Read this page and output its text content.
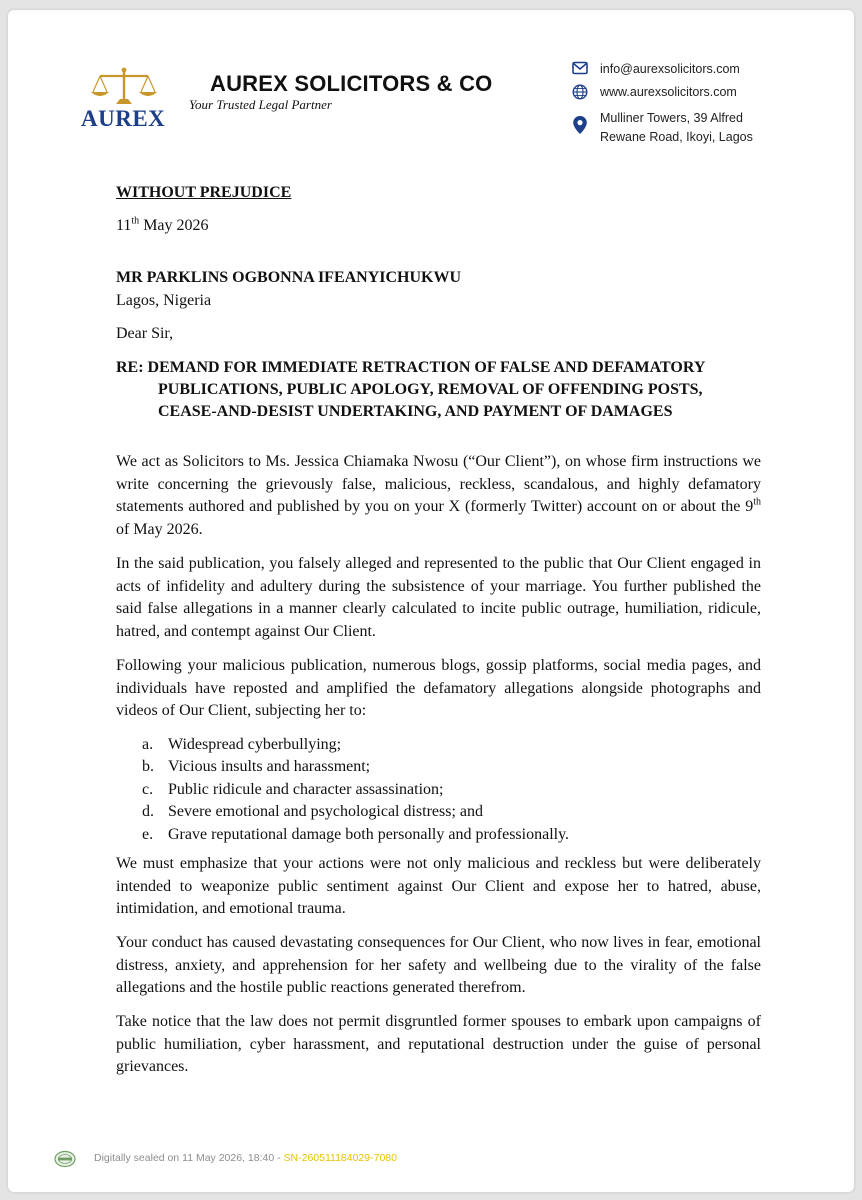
AUREX
AUREX SOLICITORS & CO
Your Trusted Legal Partner
info@aurexsolicitors.com
www.aurexsolicitors.com
Mulliner Towers, 39 Alfred
Rewane Road, Ikoyi, Lagos
WITHOUT PREJUDICE
11th May 2026
MR PARKLINS OGBONNA IFEANYICHUKWU
Lagos, Nigeria
Dear Sir,
RE: DEMAND FOR IMMEDIATE RETRACTION OF FALSE AND DEFAMATORY
PUBLICATIONS, PUBLIC APOLOGY, REMOVAL OF OFFENDING POSTS,
CEASE-AND-DESIST UNDERTAKING, AND PAYMENT OF DAMAGES
We act as Solicitors to Ms. Jessica Chiamaka Nwosu (“Our Client”), on whose firm instructions we write concerning the grievously false, malicious, reckless, scandalous, and highly defamatory statements authored and published by you on your X (formerly Twitter) account on or about the 9th of May 2026.
In the said publication, you falsely alleged and represented to the public that Our Client engaged in acts of infidelity and adultery during the subsistence of your marriage. You further published the said false allegations in a manner clearly calculated to incite public outrage, humiliation, ridicule, hatred, and contempt against Our Client.
Following your malicious publication, numerous blogs, gossip platforms, social media pages, and individuals have reposted and amplified the defamatory allegations alongside photographs and videos of Our Client, subjecting her to:
a. Widespread cyberbullying;
b. Vicious insults and harassment;
c. Public ridicule and character assassination;
d. Severe emotional and psychological distress; and
e. Grave reputational damage both personally and professionally.
We must emphasize that your actions were not only malicious and reckless but were deliberately intended to weaponize public sentiment against Our Client and expose her to hatred, abuse, intimidation, and emotional trauma.
Your conduct has caused devastating consequences for Our Client, who now lives in fear, emotional distress, anxiety, and apprehension for her safety and wellbeing due to the virality of the false allegations and the hostile public reactions generated therefrom.
Take notice that the law does not permit disgruntled former spouses to embark upon campaigns of public humiliation, cyber harassment, and reputational destruction under the guise of personal grievances.
Digitally sealed on 11 May 2026, 18:40 - SN-260511184029-7080
